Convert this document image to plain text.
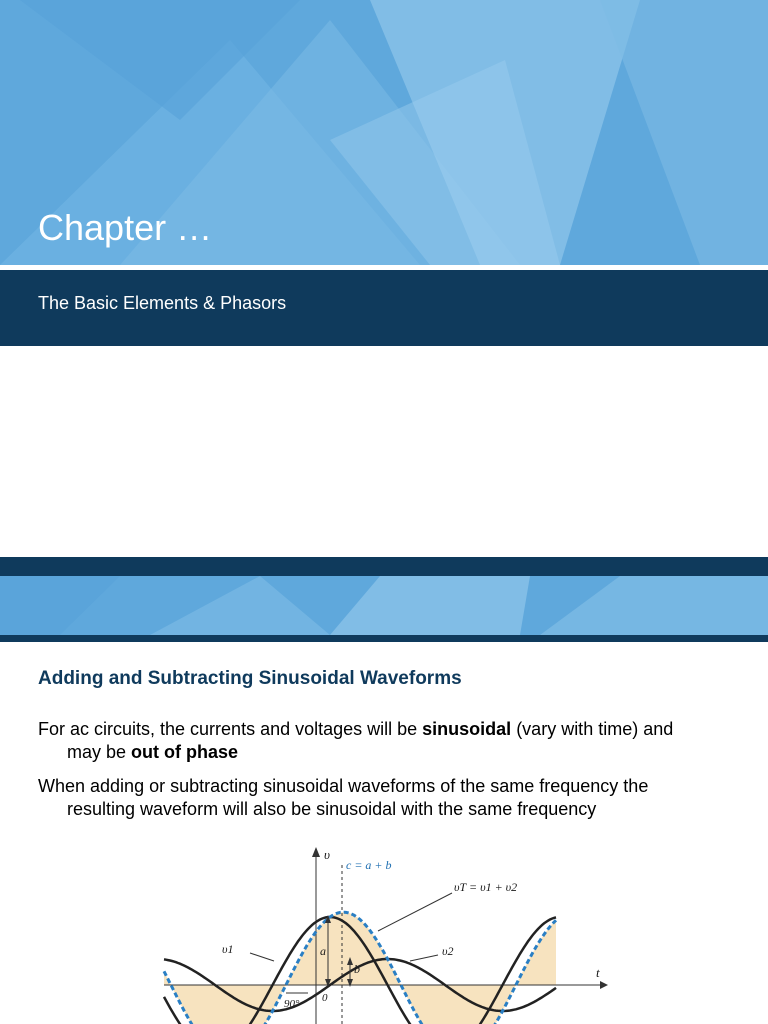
Chapter …
The Basic Elements & Phasors
Adding and Subtracting Sinusoidal Waveforms
For ac circuits, the currents and voltages will be sinusoidal (vary with time) and
may be out of phase
When adding or subtracting sinusoidal waveforms of the same frequency the
resulting waveform will also be sinusoidal with the same frequency
υ
t
c = a + b
υT = υ1 + υ2
υ1	υ2
a
b
0
90°
